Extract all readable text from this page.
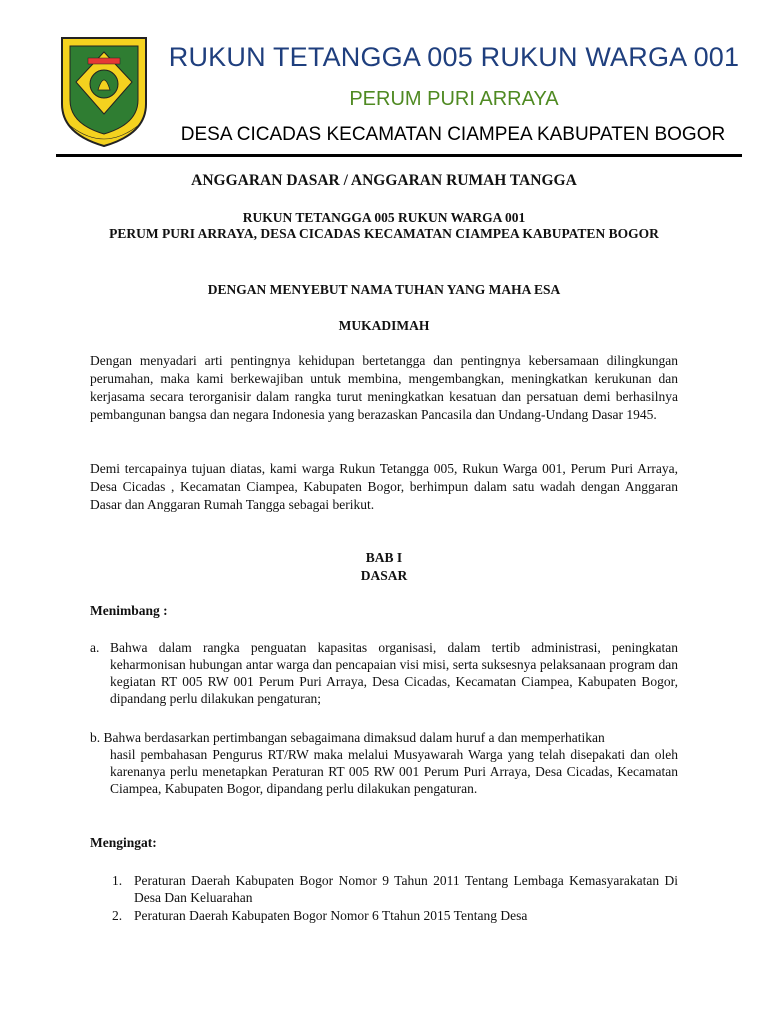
RUKUN TETANGGA 005 RUKUN WARGA 001
PERUM PURI ARRAYA
DESA CICADAS KECAMATAN CIAMPEA KABUPATEN BOGOR
ANGGARAN DASAR / ANGGARAN RUMAH TANGGA
RUKUN TETANGGA 005 RUKUN WARGA 001
PERUM PURI ARRAYA, DESA CICADAS KECAMATAN CIAMPEA KABUPATEN BOGOR
DENGAN MENYEBUT NAMA TUHAN YANG MAHA ESA
MUKADIMAH
Dengan menyadari arti pentingnya kehidupan bertetangga dan pentingnya kebersamaan dilingkungan perumahan, maka kami berkewajiban untuk membina, mengembangkan, meningkatkan kerukunan dan kerjasama secara terorganisir dalam rangka turut meningkatkan kesatuan dan persatuan demi berhasilnya pembangunan bangsa dan negara Indonesia yang berazaskan Pancasila dan Undang-Undang Dasar 1945.
Demi tercapainya tujuan diatas, kami warga Rukun Tetangga 005, Rukun Warga 001, Perum Puri Arraya, Desa Cicadas , Kecamatan Ciampea, Kabupaten Bogor, berhimpun dalam satu wadah dengan Anggaran Dasar dan Anggaran Rumah Tangga sebagai berikut.
BAB I
DASAR
Menimbang :
a. Bahwa dalam rangka penguatan kapasitas organisasi, dalam tertib administrasi, peningkatan keharmonisan hubungan antar warga dan pencapaian visi misi, serta suksesnya pelaksanaan program dan kegiatan RT 005 RW 001 Perum Puri Arraya, Desa Cicadas, Kecamatan Ciampea, Kabupaten Bogor, dipandang perlu dilakukan pengaturan;
b. Bahwa berdasarkan pertimbangan sebagaimana dimaksud dalam huruf a dan memperhatikan
hasil pembahasan Pengurus RT/RW maka melalui Musyawarah Warga yang telah disepakati dan oleh karenanya perlu menetapkan Peraturan RT 005 RW 001 Perum Puri Arraya, Desa Cicadas, Kecamatan Ciampea, Kabupaten Bogor, dipandang perlu dilakukan pengaturan.
Mengingat:
1. Peraturan Daerah Kabupaten Bogor Nomor 9 Tahun 2011 Tentang Lembaga Kemasyarakatan Di Desa Dan Keluarahan
2. Peraturan Daerah Kabupaten Bogor Nomor 6 Ttahun 2015 Tentang Desa
